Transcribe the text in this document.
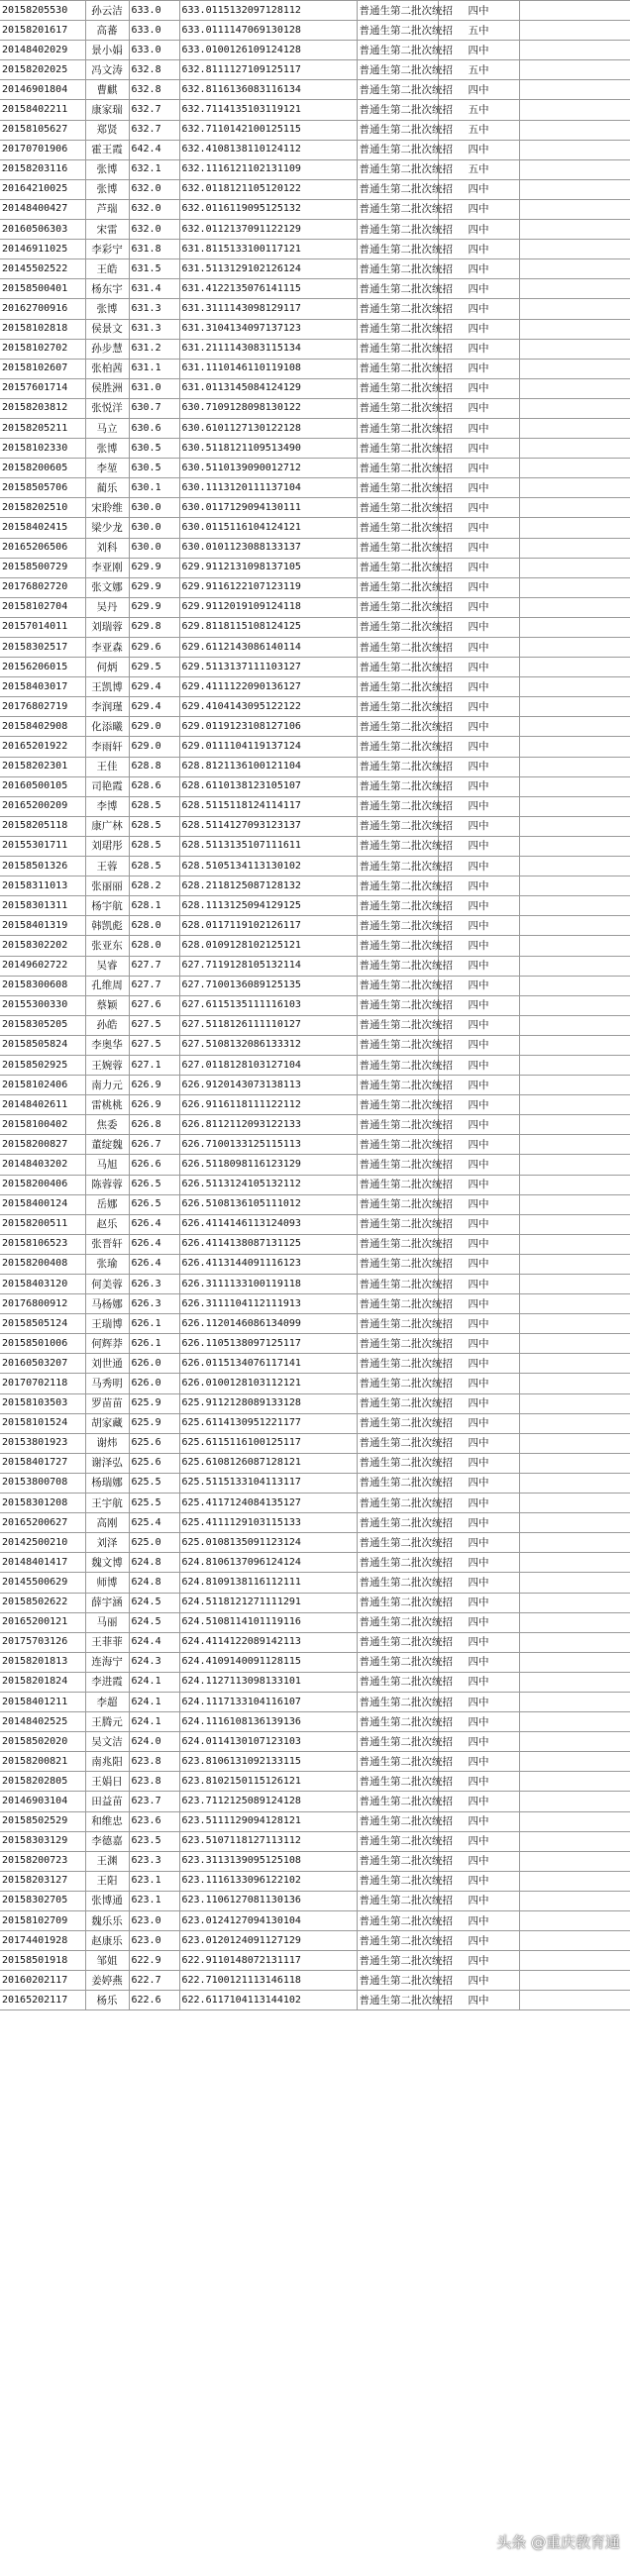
20158205530	孙云洁	633.0	633.0115132097128112	普通生第二批次统招	四中	
20158201617	高蕃	633.0	633.0111147069130128	普通生第二批次统招	五中	
20148402029	景小娟	633.0	633.0100126109124128	普通生第二批次统招	四中	
20158202025	冯文涛	632.8	632.8111127109125117	普通生第二批次统招	五中	
20146901804	曹麒	632.8	632.8116136083116134	普通生第二批次统招	四中	
20158402211	康家瑞	632.7	632.7114135103119121	普通生第二批次统招	五中	
20158105627	郑贤	632.7	632.7110142100125115	普通生第二批次统招	五中	
20170701906	霍王霞	642.4	632.4108138110124112	普通生第二批次统招	四中	
20158203116	张博	632.1	632.1116121102131109	普通生第二批次统招	五中	
20164210025	张博	632.0	632.0118121105120122	普通生第二批次统招	四中	
20148400427	芦瑞	632.0	632.0116119095125132	普通生第二批次统招	四中	
20160506303	宋雷	632.0	632.0112137091122129	普通生第二批次统招	四中	
20146911025	李彩宁	631.8	631.8115133100117121	普通生第二批次统招	四中	
20145502522	王皓	631.5	631.5113129102126124	普通生第二批次统招	四中	
20158500401	杨东宇	631.4	631.4122135076141115	普通生第二批次统招	四中	
20162700916	张博	631.3	631.3111143098129117	普通生第二批次统招	四中	
20158102818	侯景文	631.3	631.3104134097137123	普通生第二批次统招	四中	
20158102702	孙步慧	631.2	631.2111143083115134	普通生第二批次统招	四中	
20158102607	张柏茜	631.1	631.1110146110119108	普通生第二批次统招	四中	
20157601714	侯胜洲	631.0	631.0113145084124129	普通生第二批次统招	四中	
20158203812	张悦洋	630.7	630.7109128098130122	普通生第二批次统招	四中	
20158205211	马立	630.6	630.6101127130122128	普通生第二批次统招	四中	
20158102330	张博	630.5	630.5118121109513490	普通生第二批次统招	四中	
20158200605	李堃	630.5	630.5110139090012712	普通生第二批次统招	四中	
20158505706	蔺乐	630.1	630.1113120111137104	普通生第二批次统招	四中	
20158202510	宋聆维	630.0	630.0117129094130111	普通生第二批次统招	四中	
20158402415	梁少龙	630.0	630.0115116104124121	普通生第二批次统招	四中	
20165206506	刘科	630.0	630.0101123088133137	普通生第二批次统招	四中	
20158500729	李亚刚	629.9	629.9112131098137105	普通生第二批次统招	四中	
20176802720	张文娜	629.9	629.9116122107123119	普通生第二批次统招	四中	
20158102704	吴丹	629.9	629.9112019109124118	普通生第二批次统招	四中	
20157014011	刘瑞蓉	629.8	629.8118115108124125	普通生第二批次统招	四中	
20158302517	李亚森	629.6	629.6112143086140114	普通生第二批次统招	四中	
20156206015	何炳	629.5	629.5113137111103127	普通生第二批次统招	四中	
20158403017	王凯博	629.4	629.4111122090136127	普通生第二批次统招	四中	
20176802719	李润瑾	629.4	629.4104143095122122	普通生第二批次统招	四中	
20158402908	化添曦	629.0	629.0119123108127106	普通生第二批次统招	四中	
20165201922	李雨轩	629.0	629.0111104119137124	普通生第二批次统招	四中	
20158202301	王佳	628.8	628.8121136100121104	普通生第二批次统招	四中	
20160500105	司艳霞	628.6	628.6110138123105107	普通生第二批次统招	四中	
20165200209	李博	628.5	628.5115118124114117	普通生第二批次统招	四中	
20158205118	康广林	628.5	628.5114127093123137	普通生第二批次统招	四中	
20155301711	刘珺彤	628.5	628.5113135107111611	普通生第二批次统招	四中	
20158501326	王蓉	628.5	628.5105134113130102	普通生第二批次统招	四中	
20158311013	张丽丽	628.2	628.2118125087128132	普通生第二批次统招	四中	
20158301311	杨宇航	628.1	628.1113125094129125	普通生第二批次统招	四中	
20158401319	韩凯彪	628.0	628.0117119102126117	普通生第二批次统招	四中	
20158302202	张亚东	628.0	628.0109128102125121	普通生第二批次统招	四中	
20149602722	吴睿	627.7	627.7119128105132114	普通生第二批次统招	四中	
20158300608	孔维周	627.7	627.7100136089125135	普通生第二批次统招	四中	
20155300330	蔡颖	627.6	627.6115135111116103	普通生第二批次统招	四中	
20158305205	孙皓	627.5	627.5118126111110127	普通生第二批次统招	四中	
20158505824	李奥华	627.5	627.5108132086133312	普通生第二批次统招	四中	
20158502925	王婉蓉	627.1	627.0118128103127104	普通生第二批次统招	四中	
20158102406	南力元	626.9	626.9120143073138113	普通生第二批次统招	四中	
20148402611	雷桃桃	626.9	626.9116118111122112	普通生第二批次统招	四中	
20158100402	焦委	626.8	626.8112112093122133	普通生第二批次统招	四中	
20158200827	董绽魏	626.7	626.7100133125115113	普通生第二批次统招	四中	
20148403202	马旭	626.6	626.5118098116123129	普通生第二批次统招	四中	
20158200406	陈蓉蓉	626.5	626.5113124105132112	普通生第二批次统招	四中	
20158400124	岳娜	626.5	626.5108136105111012	普通生第二批次统招	四中	
20158200511	赵乐	626.4	626.4114146113124093	普通生第二批次统招	四中	
20158106523	张晋轩	626.4	626.4114138087131125	普通生第二批次统招	四中	
20158200408	张瑜	626.4	626.4113144091116123	普通生第二批次统招	四中	
20158403120	何美蓉	626.3	626.3111133100119118	普通生第二批次统招	四中	
20176800912	马杨娜	626.3	626.3111104112111913	普通生第二批次统招	四中	
20158505124	王瑞博	626.1	626.1120146086134099	普通生第二批次统招	四中	
20158501006	何辉莽	626.1	626.1105138097125117	普通生第二批次统招	四中	
20160503207	刘世通	626.0	626.0115134076117141	普通生第二批次统招	四中	
20170702118	马秀明	626.0	626.0100128103112121	普通生第二批次统招	四中	
20158103503	罗苗苗	625.9	625.9112128089133128	普通生第二批次统招	四中	
20158101524	胡家藏	625.9	625.6114130951221177	普通生第二批次统招	四中	
20153801923	谢炜	625.6	625.6115116100125117	普通生第二批次统招	四中	
20158401727	谢泽弘	625.6	625.6108126087128121	普通生第二批次统招	四中	
20153800708	杨瑞娜	625.5	625.5115133104113117	普通生第二批次统招	四中	
20158301208	王宇航	625.5	625.4117124084135127	普通生第二批次统招	四中	
20165200627	高刚	625.4	625.4111129103115133	普通生第二批次统招	四中	
20142500210	刘泽	625.0	625.0108135091123124	普通生第二批次统招	四中	
20148401417	魏文博	624.8	624.8106137096124124	普通生第二批次统招	四中	
20145500629	师博	624.8	624.8109138116112111	普通生第二批次统招	四中	
20158502622	薛宇涵	624.5	624.5118121271111291	普通生第二批次统招	四中	
20165200121	马丽	624.5	624.5108114101119116	普通生第二批次统招	四中	
20175703126	王菲菲	624.4	624.4114122089142113	普通生第二批次统招	四中	
20158201813	连海宁	624.3	624.4109140091128115	普通生第二批次统招	四中	
20158201824	李进霞	624.1	624.1127113098133101	普通生第二批次统招	四中	
20158401211	李超	624.1	624.1117133104116107	普通生第二批次统招	四中	
20148402525	王腾元	624.1	624.1116108136139136	普通生第二批次统招	四中	
20158502020	吴文洁	624.0	624.0114130107123103	普通生第二批次统招	四中	
20158200821	南兆阳	623.8	623.8106131092133115	普通生第二批次统招	四中	
20158202805	王娟日	623.8	623.8102150115126121	普通生第二批次统招	四中	
20146903104	田益苗	623.7	623.7112125089124128	普通生第二批次统招	四中	
20158502529	和维忠	623.6	623.5111129094128121	普通生第二批次统招	四中	
20158303129	李德嘉	623.5	623.5107118127113112	普通生第二批次统招	四中	
20158200723	王渊	623.3	623.3113139095125108	普通生第二批次统招	四中	
20158203127	王阳	623.1	623.1116133096122102	普通生第二批次统招	四中	
20158302705	张博通	623.1	623.1106127081130136	普通生第二批次统招	四中	
20158102709	魏乐乐	623.0	623.0124127094130104	普通生第二批次统招	四中	
20174401928	赵康乐	623.0	623.0120124091127129	普通生第二批次统招	四中	
20158501918	邹姐	622.9	622.9110148072131117	普通生第二批次统招	四中	
20160202117	姜婷燕	622.7	622.7100121113146118	普通生第二批次统招	四中	
20165202117	杨乐	622.6	622.6117104113144102	普通生第二批次统招	四中	
头条 @重庆教育通
